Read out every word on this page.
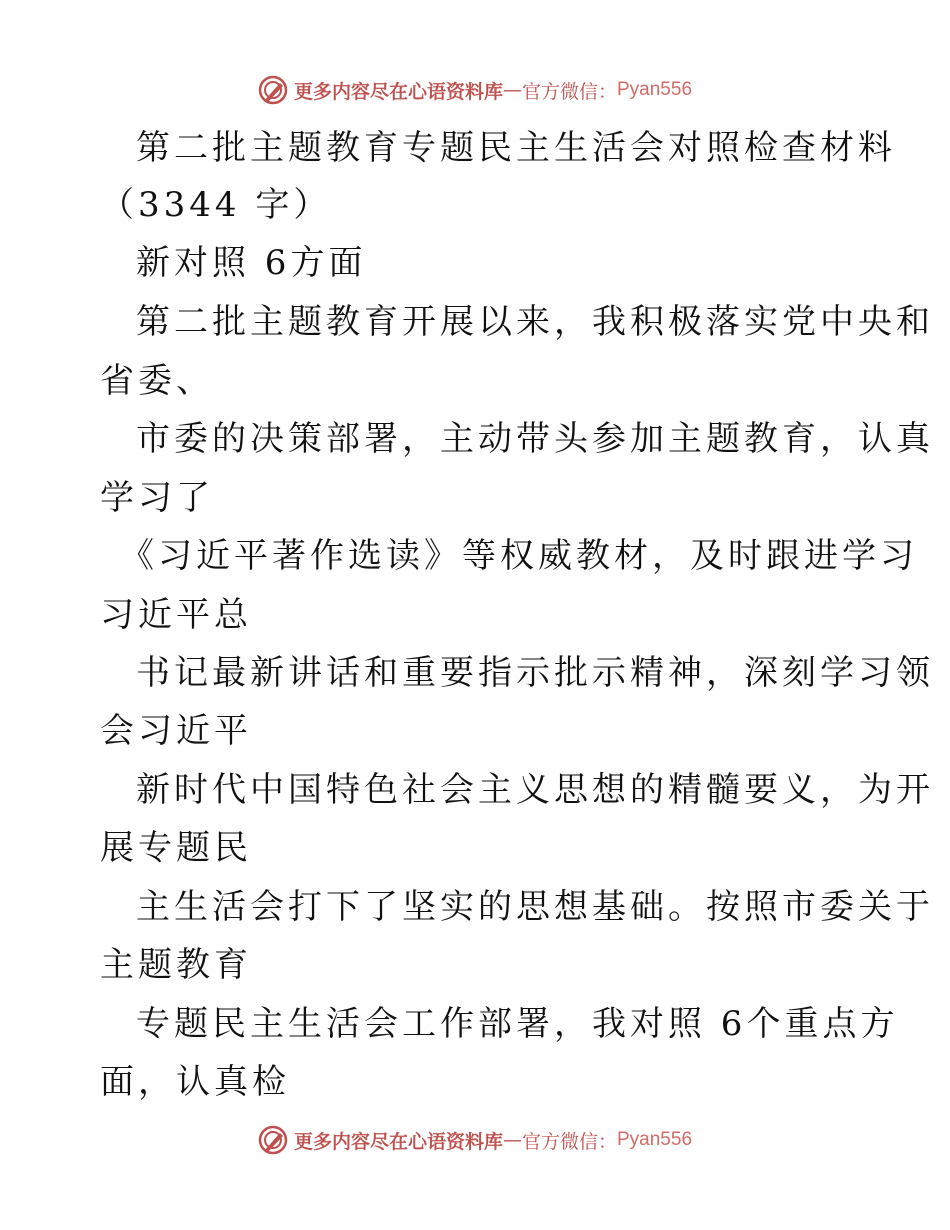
更多内容尽在心语资料库 — 官方微信： Pyan556
第二批主题教育专题民主生活会对照检查材料
（3344 字）
新对照 6方面
第二批主题教育开展以来，我积极落实党中央和
省委、
市委的决策部署，主动带头参加主题教育，认真
学习了
《习近平著作选读》等权威教材，及时跟进学习
习近平总
书记最新讲话和重要指示批示精神，深刻学习领
会习近平
新时代中国特色社会主义思想的精髓要义，为开
展专题民
主生活会打下了坚实的思想基础。按照市委关于
主题教育
专题民主生活会工作部署，我对照 6个重点方
面，认真检
更多内容尽在心语资料库 — 官方微信： Pyan556
